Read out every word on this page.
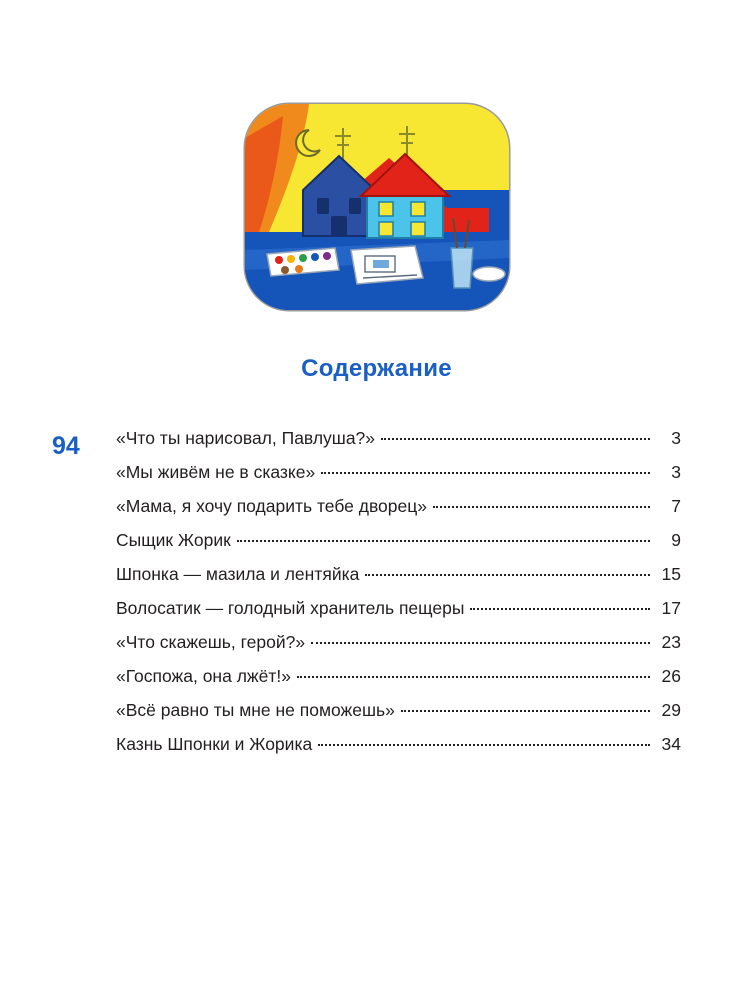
Содержание
94 «Что ты нарисовал, Павлуша?»	3
«Мы живём не в сказке»	3
«Мама, я хочу подарить тебе дворец»	7
Сыщик Жорик	9
Шпонка — мазила и лентяйка	15
Волосатик — голодный хранитель пещеры	17
«Что скажешь, герой?»	23
«Госпожа, она лжёт!»	26
«Всё равно ты мне не поможешь»	29
Казнь Шпонки и Жорика	34
